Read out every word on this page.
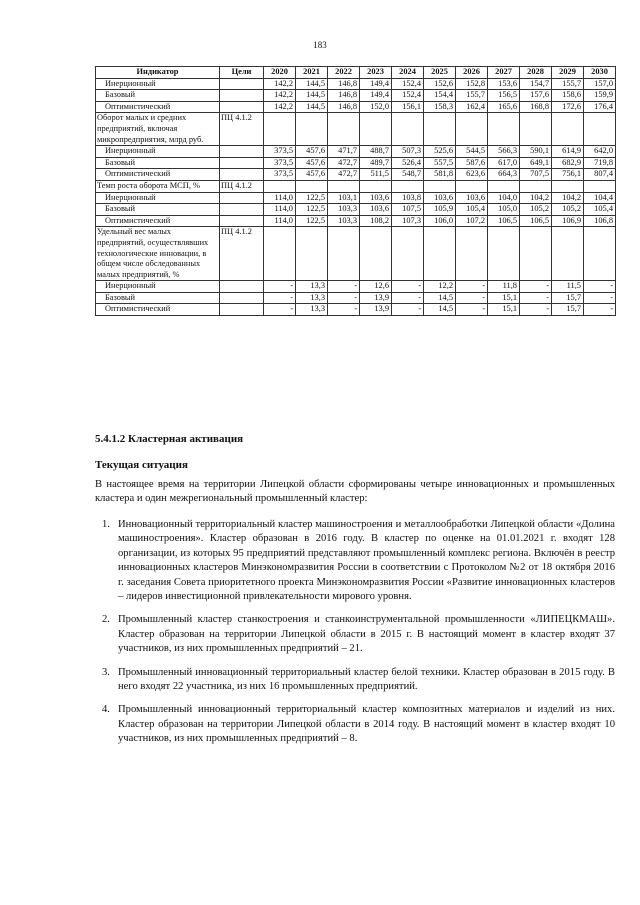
183
Индикатор	Цели	2020	2021	2022	2023	2024	2025	2026	2027	2028	2029	2030
Инерционный		142,2	144,5	146,8	149,4	152,4	152,6	152,8	153,6	154,7	155,7	157,0
Базовый		142,2	144,5	146,8	149,4	152,4	154,4	155,7	156,5	157,6	158,6	159,9
Оптимистический		142,2	144,5	146,8	152,0	156,1	158,3	162,4	165,6	168,8	172,6	176,4
Оборот малых и средних предприятий, включая микропредприятия, млрд руб.	ПЦ 4.1.2											
Инерционный		373,5	457,6	471,7	488,7	507,3	525,6	544,5	566,3	590,1	614,9	642,0
Базовый		373,5	457,6	472,7	489,7	526,4	557,5	587,6	617,0	649,1	682,9	719,8
Оптимистический		373,5	457,6	472,7	511,5	548,7	581,8	623,6	664,3	707,5	756,1	807,4
Темп роста оборота МСП, %	ПЦ 4.1.2											
Инерционный		114,0	122,5	103,1	103,6	103,8	103,6	103,6	104,0	104,2	104,2	104,4
Базовый		114,0	122,5	103,3	103,6	107,5	105,9	105,4	105,0	105,2	105,2	105,4
Оптимистический		114,0	122,5	103,3	108,2	107,3	106,0	107,2	106,5	106,5	106,9	106,8
Удельный вес малых предприятий, осуществлявших технологические инновации, в общем числе обследованных малых предприятий, %	ПЦ 4.1.2											
Инерционный		-	13,3	-	12,6	-	12,2	-	11,8	-	11,5	-
Базовый		-	13,3	-	13,9	-	14,5	-	15,1	-	15,7	-
Оптимистический		-	13,3	-	13,9	-	14,5	-	15,1	-	15,7	-
5.4.1.2 Кластерная активация
Текущая ситуация
В настоящее время на территории Липецкой области сформированы четыре инновационных и промышленных кластера и один межрегиональный промышленный кластер:
Инновационный территориальный кластер машиностроения и металлообработки Липецкой области «Долина машиностроения». Кластер образован в 2016 году. В кластер по оценке на 01.01.2021 г. входят 128 организации, из которых 95 предприятий представляют промышленный комплекс региона. Включён в реестр инновационных кластеров Минэкономразвития России в соответствии с Протоколом №2 от 18 октября 2016 г. заседания Совета приоритетного проекта Минэкономразвития России «Развитие инновационных кластеров – лидеров инвестиционной привлекательности мирового уровня.
Промышленный кластер станкостроения и станкоинструментальной промышленности «ЛИПЕЦКМАШ». Кластер образован на территории Липецкой области в 2015 г. В настоящий момент в кластер входят 37 участников, из них промышленных предприятий – 21.
Промышленный инновационный территориальный кластер белой техники. Кластер образован в 2015 году. В него входят 22 участника, из них 16 промышленных предприятий.
Промышленный инновационный территориальный кластер композитных материалов и изделий из них. Кластер образован на территории Липецкой области в 2014 году. В настоящий момент в кластер входят 10 участников, из них промышленных предприятий – 8.
